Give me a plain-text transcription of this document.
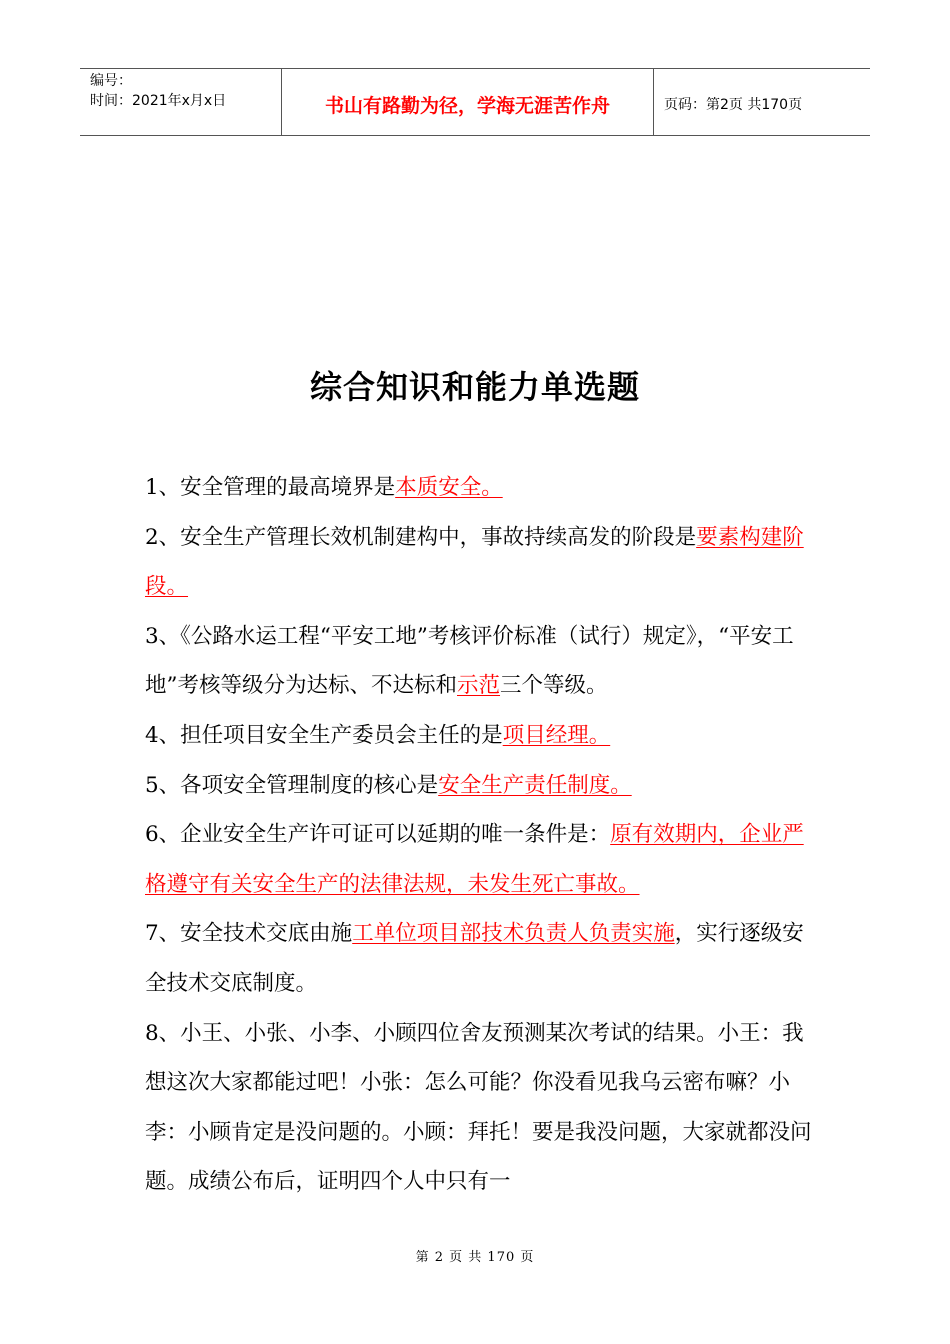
编号：
时间：2021年x月x日	书山有路勤为径，学海无涯苦作舟	页码：第2页 共170页
综合知识和能力单选题

1、安全管理的最高境界是本质安全。

2、安全生产管理长效机制建构中，事故持续高发的阶段是要素构建阶段。

3、《公路水运工程“平安工地”考核评价标准（试行）规定》，“平安工地”考核等级分为达标、不达标和示范三个等级。

4、担任项目安全生产委员会主任的是项目经理。

5、各项安全管理制度的核心是安全生产责任制度。

6、企业安全生产许可证可以延期的唯一条件是：原有效期内，企业严格遵守有关安全生产的法律法规，未发生死亡事故。

7、安全技术交底由施工单位项目部技术负责人负责实施，实行逐级安全技术交底制度。

8、小王、小张、小李、小顾四位舍友预测某次考试的结果。小王：我想这次大家都能过吧！小张：怎么可能？你没看见我乌云密布嘛？小李：小顾肯定是没问题的。小顾：拜托！要是我没问题，大家就都没问题。成绩公布后，证明四个人中只有一

第 2 页 共 170 页
